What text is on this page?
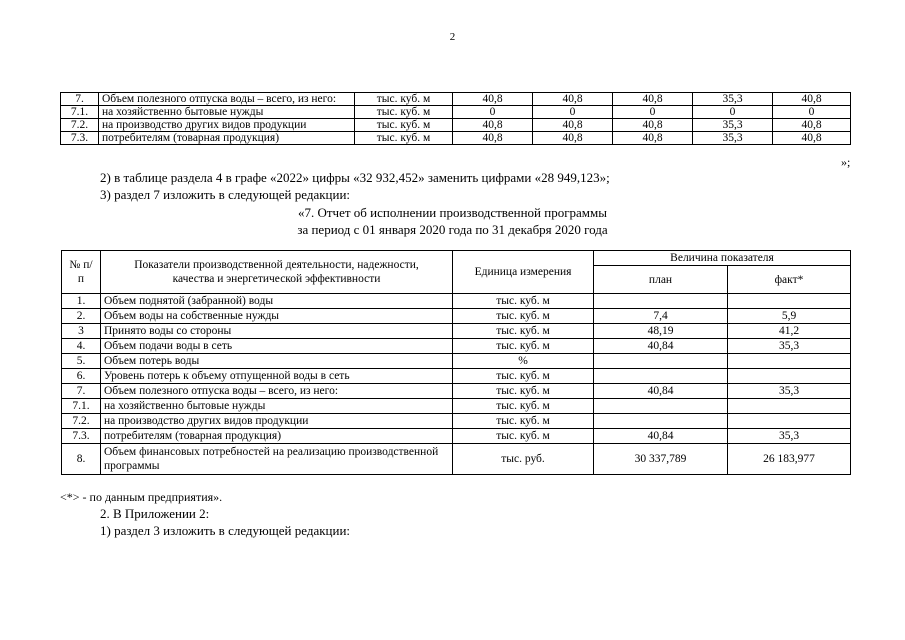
2
7.	Объем полезного отпуска воды – всего, из него:	тыс. куб. м	40,8	40,8	40,8	35,3	40,8
7.1.	на хозяйственно бытовые нужды	тыс. куб. м	0	0	0	0	0
7.2.	на производство других видов продукции	тыс. куб. м	40,8	40,8	40,8	35,3	40,8
7.3.	потребителям (товарная продукция)	тыс. куб. м	40,8	40,8	40,8	35,3	40,8
»;
2) в таблице раздела 4 в графе «2022» цифры «32 932,452» заменить цифрами «28 949,123»;
3) раздел 7 изложить в следующей редакции:
«7. Отчет об исполнении производственной программы
за период с 01 января 2020 года по 31 декабря 2020 года
№ п/п	Показатели производственной деятельности, надежности, качества и энергетической эффективности	Единица измерения	Величина показателя	
			план	факт*
1.	Объем поднятой (забранной) воды	тыс. куб. м		
2.	Объем воды на собственные нужды	тыс. куб. м	7,4	5,9
3	Принято воды со стороны	тыс. куб. м	48,19	41,2
4.	Объем подачи воды в сеть	тыс. куб. м	40,84	35,3
5.	Объем потерь воды	%		
6.	Уровень потерь к объему отпущенной воды в сеть	тыс. куб. м		
7.	Объем полезного отпуска воды – всего, из него:	тыс. куб. м	40,84	35,3
7.1.	на хозяйственно бытовые нужды	тыс. куб. м		
7.2.	на производство других видов продукции	тыс. куб. м		
7.3.	потребителям (товарная продукция)	тыс. куб. м	40,84	35,3
8.	Объем финансовых потребностей на реализацию производственной программы	тыс. руб.	30 337,789	26 183,977
<*> - по данным предприятия».
2. В Приложении 2:
1) раздел 3 изложить в следующей редакции:
